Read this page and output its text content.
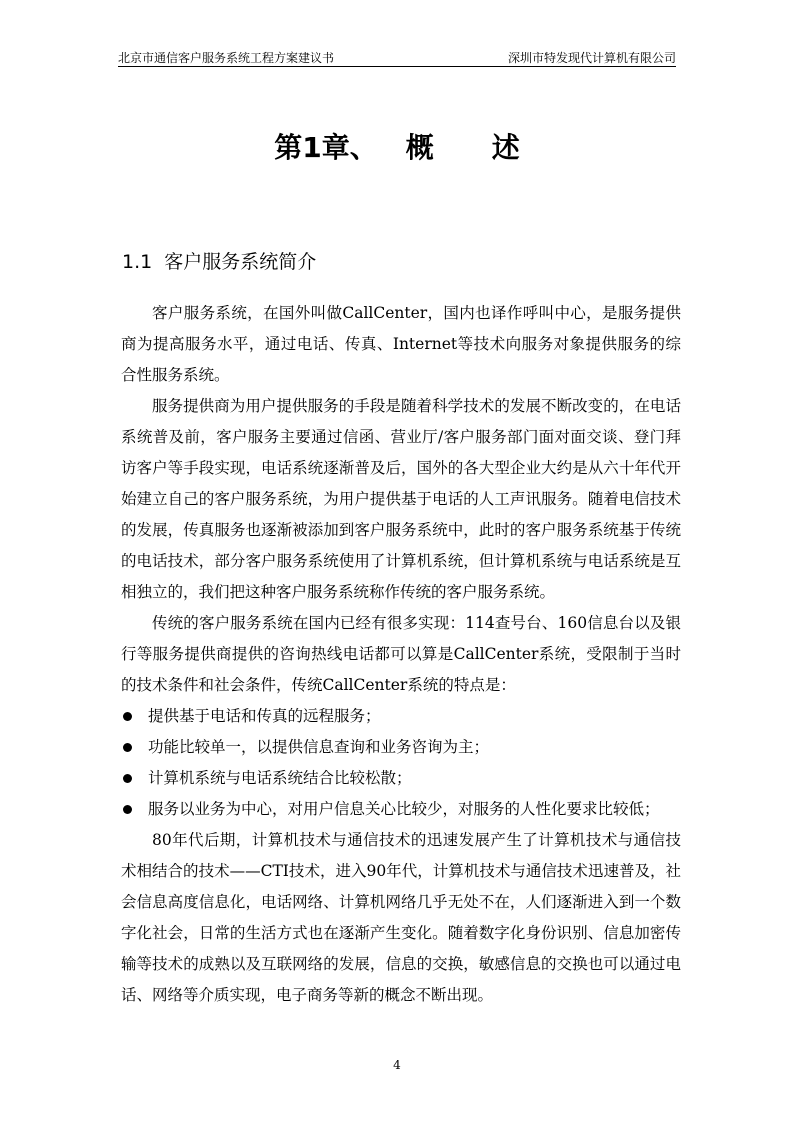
北京市通信客户服务系统工程方案建议书	深圳市特发现代计算机有限公司
第1章、 概 述
1.1 客户服务系统简介

客户服务系统，在国外叫做CallCenter，国内也译作呼叫中心，是服务提供商为提高服务水平，通过电话、传真、Internet等技术向服务对象提供服务的综合性服务系统。

服务提供商为用户提供服务的手段是随着科学技术的发展不断改变的，在电话系统普及前，客户服务主要通过信函、营业厅/客户服务部门面对面交谈、登门拜访客户等手段实现，电话系统逐渐普及后，国外的各大型企业大约是从六十年代开始建立自己的客户服务系统，为用户提供基于电话的人工声讯服务。随着电信技术的发展，传真服务也逐渐被添加到客户服务系统中，此时的客户服务系统基于传统的电话技术，部分客户服务系统使用了计算机系统，但计算机系统与电话系统是互相独立的，我们把这种客户服务系统称作传统的客户服务系统。

传统的客户服务系统在国内已经有很多实现：114查号台、160信息台以及银行等服务提供商提供的咨询热线电话都可以算是CallCenter系统，受限制于当时的技术条件和社会条件，传统CallCenter系统的特点是：

提供基于电话和传真的远程服务；
功能比较单一，以提供信息查询和业务咨询为主；
计算机系统与电话系统结合比较松散；
服务以业务为中心，对用户信息关心比较少，对服务的人性化要求比较低；

80年代后期，计算机技术与通信技术的迅速发展产生了计算机技术与通信技术相结合的技术——CTI技术，进入90年代，计算机技术与通信技术迅速普及，社会信息高度信息化，电话网络、计算机网络几乎无处不在，人们逐渐进入到一个数字化社会，日常的生活方式也在逐渐产生变化。随着数字化身份识别、信息加密传输等技术的成熟以及互联网络的发展，信息的交换，敏感信息的交换也可以通过电话、网络等介质实现，电子商务等新的概念不断出现。

4
